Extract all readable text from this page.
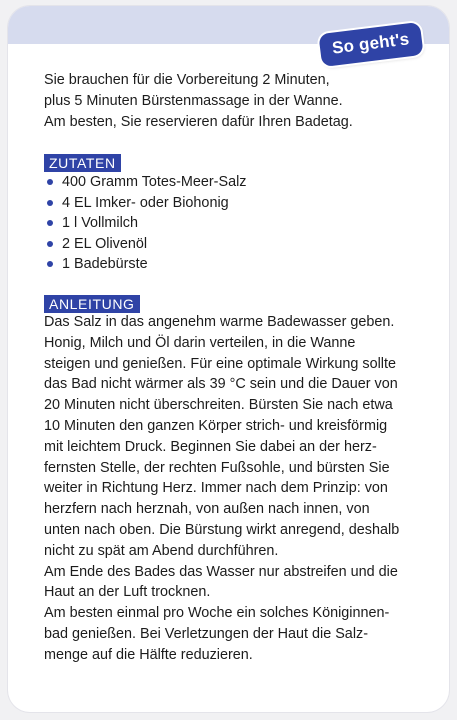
So geht's
Sie brauchen für die Vorbereitung 2 Minuten,
plus 5 Minuten Bürstenmassage in der Wanne.
Am besten, Sie reservieren dafür Ihren Badetag.
ZUTATEN
400 Gramm Totes-Meer-Salz
4 EL Imker- oder Biohonig
1 l Vollmilch
2 EL Olivenöl
1 Badebürste
ANLEITUNG
Das Salz in das angenehm warme Badewasser geben.
Honig, Milch und Öl darin verteilen, in die Wanne
steigen und genießen. Für eine optimale Wirkung sollte
das Bad nicht wärmer als 39 °C sein und die Dauer von
20 Minuten nicht überschreiten. Bürsten Sie nach etwa
10 Minuten den ganzen Körper strich- und kreisförmig
mit leichtem Druck. Beginnen Sie dabei an der herz-
fernsten Stelle, der rechten Fußsohle, und bürsten Sie
weiter in Richtung Herz. Immer nach dem Prinzip: von
herzfern nach herznah, von außen nach innen, von
unten nach oben. Die Bürstung wirkt anregend, deshalb
nicht zu spät am Abend durchführen.
Am Ende des Bades das Wasser nur abstreifen und die
Haut an der Luft trocknen.
Am besten einmal pro Woche ein solches Königinnen-
bad genießen. Bei Verletzungen der Haut die Salz-
menge auf die Hälfte reduzieren.
